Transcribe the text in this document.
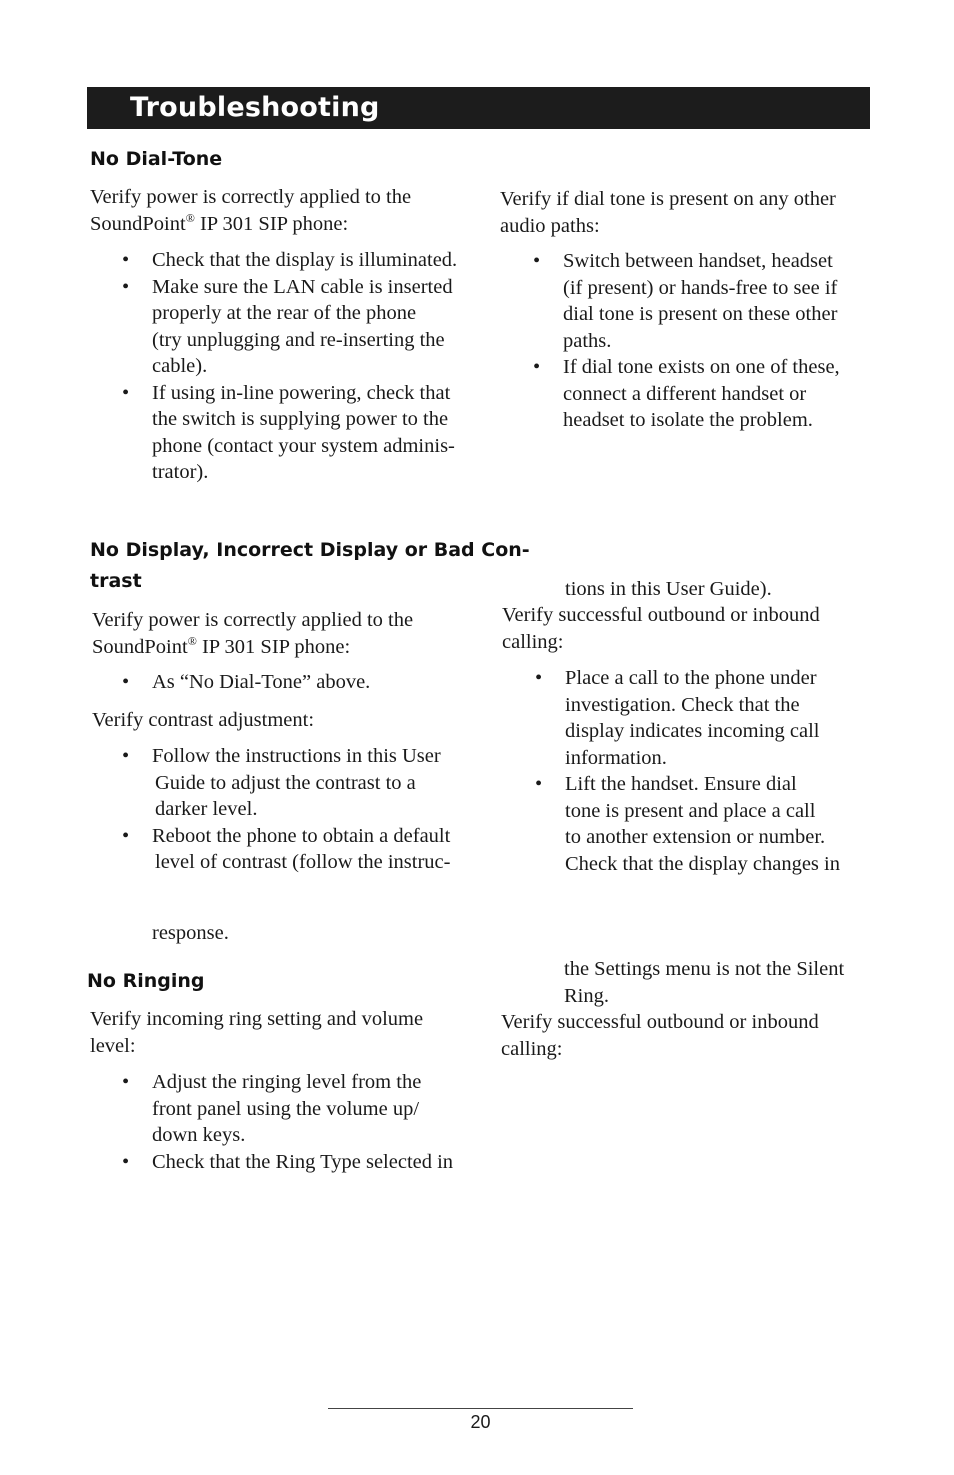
Troubleshooting
No Dial-Tone
Verify power is correctly applied to the
SoundPoint® IP 301 SIP phone:
• Check that the display is illuminated.
• Make sure the LAN cable is inserted
properly at the rear of the phone
(try unplugging and re-inserting the
cable).
• If using in-line powering, check that
the switch is supplying power to the
phone (contact your system adminis-
trator).
Verify if dial tone is present on any other
audio paths:
• Switch between handset, headset
(if present) or hands-free to see if
dial tone is present on these other
paths.
• If dial tone exists on one of these,
connect a different handset or
headset to isolate the problem.
No Display, Incorrect Display or Bad Con-
trast
Verify power is correctly applied to the
SoundPoint® IP 301 SIP phone:
• As “No Dial-Tone” above.
Verify contrast adjustment:
• Follow the instructions in this User
Guide to adjust the contrast to a
darker level.
• Reboot the phone to obtain a default
level of contrast (follow the instruc-
tions in this User Guide).
Verify successful outbound or inbound
calling:
• Place a call to the phone under
investigation. Check that the
display indicates incoming call
information.
• Lift the handset. Ensure dial
tone is present and place a call
to another extension or number.
Check that the display changes in
response.
No Ringing
Verify incoming ring setting and volume
level:
• Adjust the ringing level from the
front panel using the volume up/
down keys.
• Check that the Ring Type selected in
the Settings menu is not the Silent
Ring.
Verify successful outbound or inbound
calling:
20
